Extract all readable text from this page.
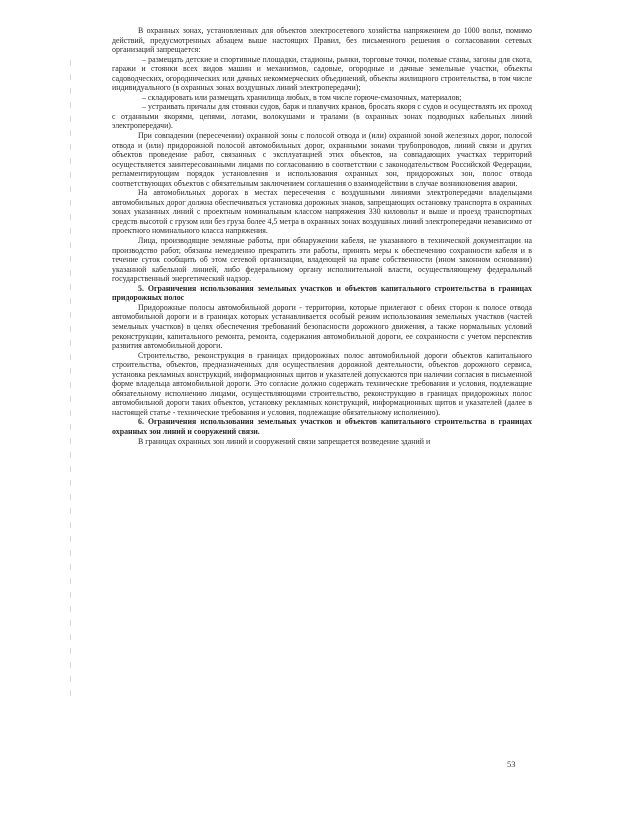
В охранных зонах, установленных для объектов электросетевого хозяйства напряжением до 1000 вольт, помимо действий, предусмотренных абзацем выше настоящих Правил, без письменного решения о согласовании сетевых организаций запрещается:

– размещать детские и спортивные площадки, стадионы, рынки, торговые точки, полевые станы, загоны для скота, гаражи и стоянки всех видов машин и механизмов, садовые, огородные и дачные земельные участки, объекты садоводческих, огороднических или дачных некоммерческих объединений, объекты жилищного строительства, в том числе индивидуального (в охранных зонах воздушных линий электропередачи);

– складировать или размещать хранилища любых, в том числе горюче-смазочных, материалов;

– устраивать причалы для стоянки судов, барж и плавучих кранов, бросать якоря с судов и осуществлять их проход с отданными якорями, цепями, лотами, волокушами и тралами (в охранных зонах подводных кабельных линий электропередачи).

При совпадении (пересечении) охранной зоны с полосой отвода и (или) охранной зоной железных дорог, полосой отвода и (или) придорожной полосой автомобильных дорог, охранными зонами трубопроводов, линий связи и других объектов проведение работ, связанных с эксплуатацией этих объектов, на совпадающих участках территорий осуществляется заинтересованными лицами по согласованию в соответствии с законодательством Российской Федерации, регламентирующим порядок установления и использования охранных зон, придорожных зон, полос отвода соответствующих объектов с обязательным заключением соглашения о взаимодействии в случае возникновения аварии.

На автомобильных дорогах в местах пересечения с воздушными линиями электропередачи владельцами автомобильных дорог должна обеспечиваться установка дорожных знаков, запрещающих остановку транспорта в охранных зонах указанных линий с проектным номинальным классом напряжения 330 киловольт и выше и проезд транспортных средств высотой с грузом или без груза более 4,5 метра в охранных зонах воздушных линий электропередачи независимо от проектного номинального класса напряжения.

Лица, производящие земляные работы, при обнаружении кабеля, не указанного в технической документации на производство работ, обязаны немедленно прекратить эти работы, принять меры к обеспечению сохранности кабеля и в течение суток сообщить об этом сетевой организации, владеющей на праве собственности (ином законном основании) указанной кабельной линией, либо федеральному органу исполнительной власти, осуществляющему федеральный государственный энергетический надзор.

5. Ограничения использования земельных участков и объектов капитального строительства в границах придорожных полос

Придорожные полосы автомобильной дороги - территории, которые прилегают с обеих сторон к полосе отвода автомобильной дороги и в границах которых устанавливается особый режим использования земельных участков (частей земельных участков) в целях обеспечения требований безопасности дорожного движения, а также нормальных условий реконструкции, капитального ремонта, ремонта, содержания автомобильной дороги, ее сохранности с учетом перспектив развития автомобильной дороги.

Строительство, реконструкция в границах придорожных полос автомобильной дороги объектов капитального строительства, объектов, предназначенных для осуществления дорожной деятельности, объектов дорожного сервиса, установка рекламных конструкций, информационных щитов и указателей допускаются при наличии согласия в письменной форме владельца автомобильной дороги. Это согласие должно содержать технические требования и условия, подлежащие обязательному исполнению лицами, осуществляющими строительство, реконструкцию в границах придорожных полос автомобильной дороги таких объектов, установку рекламных конструкций, информационных щитов и указателей (далее в настоящей статье - технические требования и условия, подлежащие обязательному исполнению).

6. Ограничения использования земельных участков и объектов капитального строительства в границах охранных зон линий и сооружений связи.

В границах охранных зон линий и сооружений связи запрещается возведение зданий и

53
